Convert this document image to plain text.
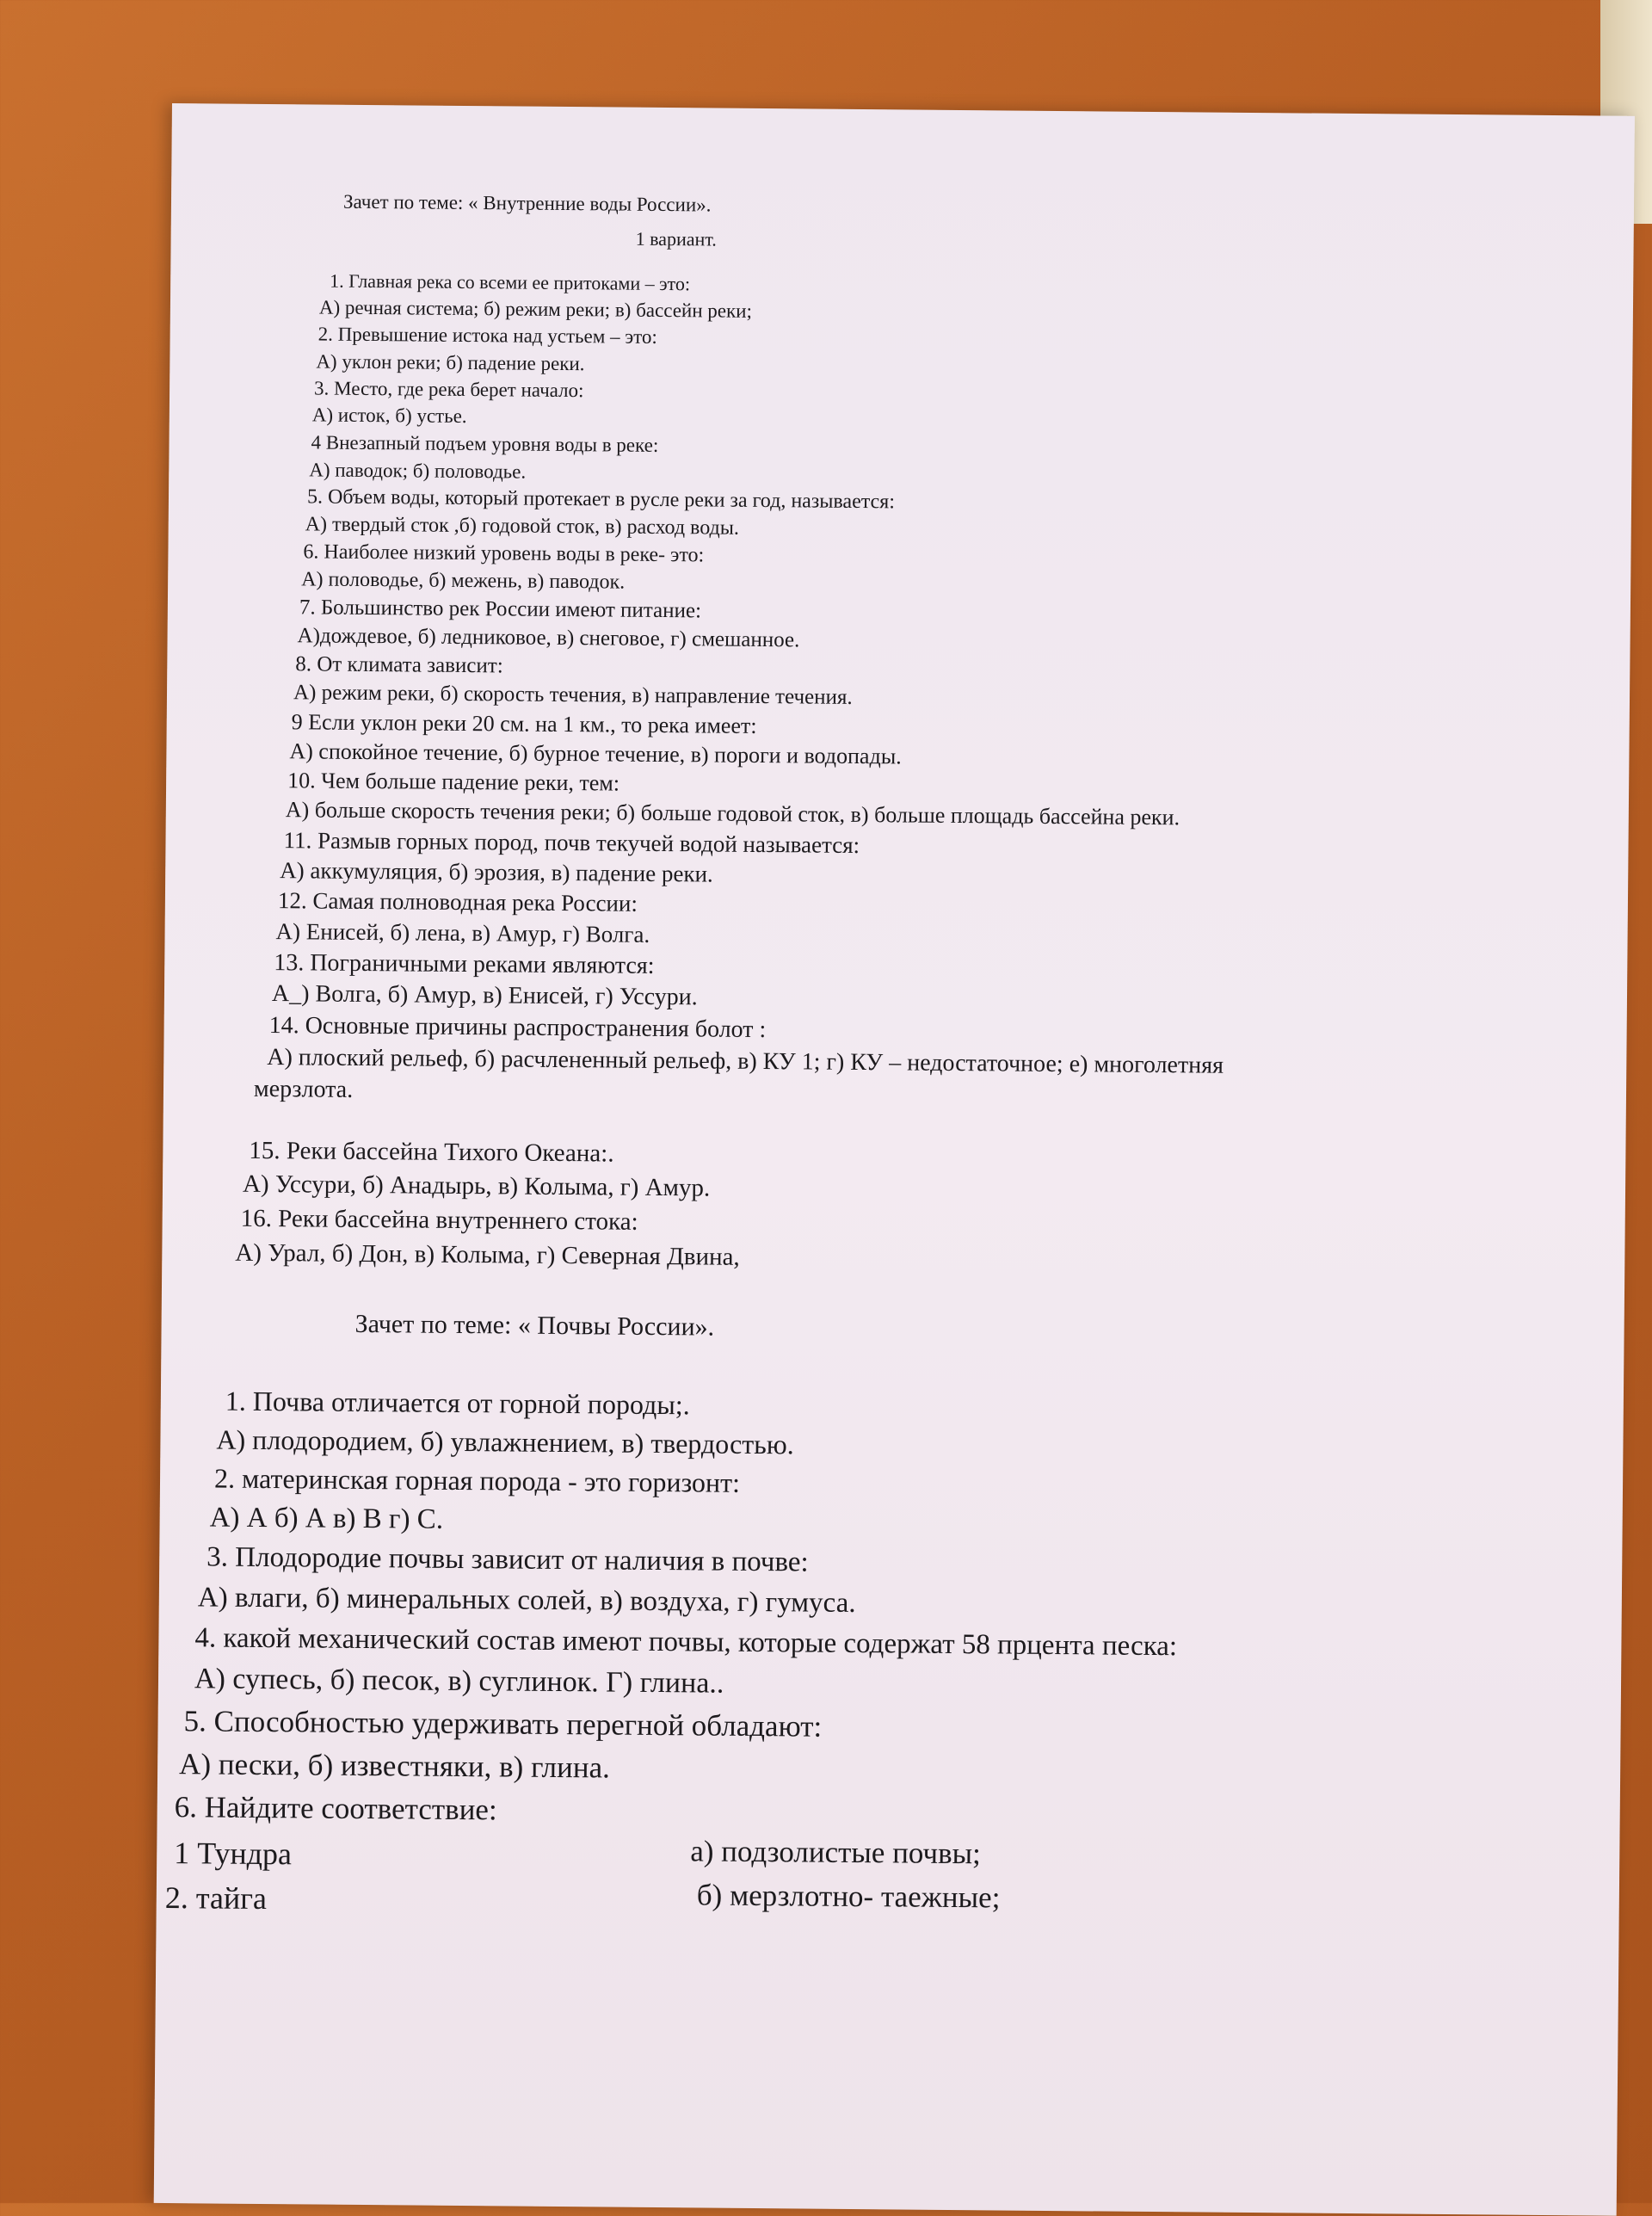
Зачет по теме: « Внутренние воды России».
1 вариант.
1. Главная река со всеми ее притоками – это:
А) речная система; б) режим реки; в) бассейн реки;
2. Превышение истока над устьем – это:
А) уклон реки; б) падение реки.
3. Место, где река берет начало:
А) исток, б) устье.
4 Внезапный подъем уровня воды в реке:
А) паводок; б) половодье.
5. Объем воды, который протекает в русле реки за год, называется:
А) твердый сток ,б) годовой сток, в) расход воды.
6. Наиболее низкий уровень воды в реке- это:
А) половодье, б) межень, в) паводок.
7. Большинство рек России имеют питание:
А)дождевое, б) ледниковое, в) снеговое, г) смешанное.
8. От климата зависит:
А) режим реки, б) скорость течения, в) направление течения.
9 Если уклон реки 20 см. на 1 км., то река имеет:
А) спокойное течение, б) бурное течение, в) пороги и водопады.
10. Чем больше падение реки, тем:
А) больше скорость течения реки; б) больше годовой сток, в) больше площадь бассейна реки.
11. Размыв горных пород, почв текучей водой называется:
А) аккумуляция, б) эрозия, в) падение реки.
12. Самая полноводная река России:
А) Енисей, б) лена, в) Амур, г) Волга.
13. Пограничными реками являются:
А_) Волга, б) Амур, в) Енисей, г) Уссури.
14. Основные причины распространения болот :
А) плоский рельеф, б) расчлененный рельеф, в) КУ 1; г) КУ – недостаточное; е) многолетняя
мерзлота.
15. Реки бассейна Тихого Океана:.
А) Уссури, б) Анадырь, в) Колыма, г) Амур.
16. Реки бассейна внутреннего стока:
А) Урал, б) Дон, в) Колыма, г) Северная Двина,
Зачет по теме: « Почвы России».
1. Почва отличается от горной породы;.
А) плодородием, б) увлажнением, в) твердостью.
2. материнская горная порода - это горизонт:
А) А б) А в) В г) С.
3. Плодородие почвы зависит от наличия в почве:
А) влаги, б) минеральных солей, в) воздуха, г) гумуса.
4. какой механический состав имеют почвы, которые содержат 58 прцента песка:
А) супесь, б) песок, в) суглинок. Г) глина..
5. Способностью удерживать перегной обладают:
А) пески, б) известняки, в) глина.
6. Найдите соответствие:
1 Тундра
2. тайга
а) подзолистые почвы;
б) мерзлотно- таежные;
